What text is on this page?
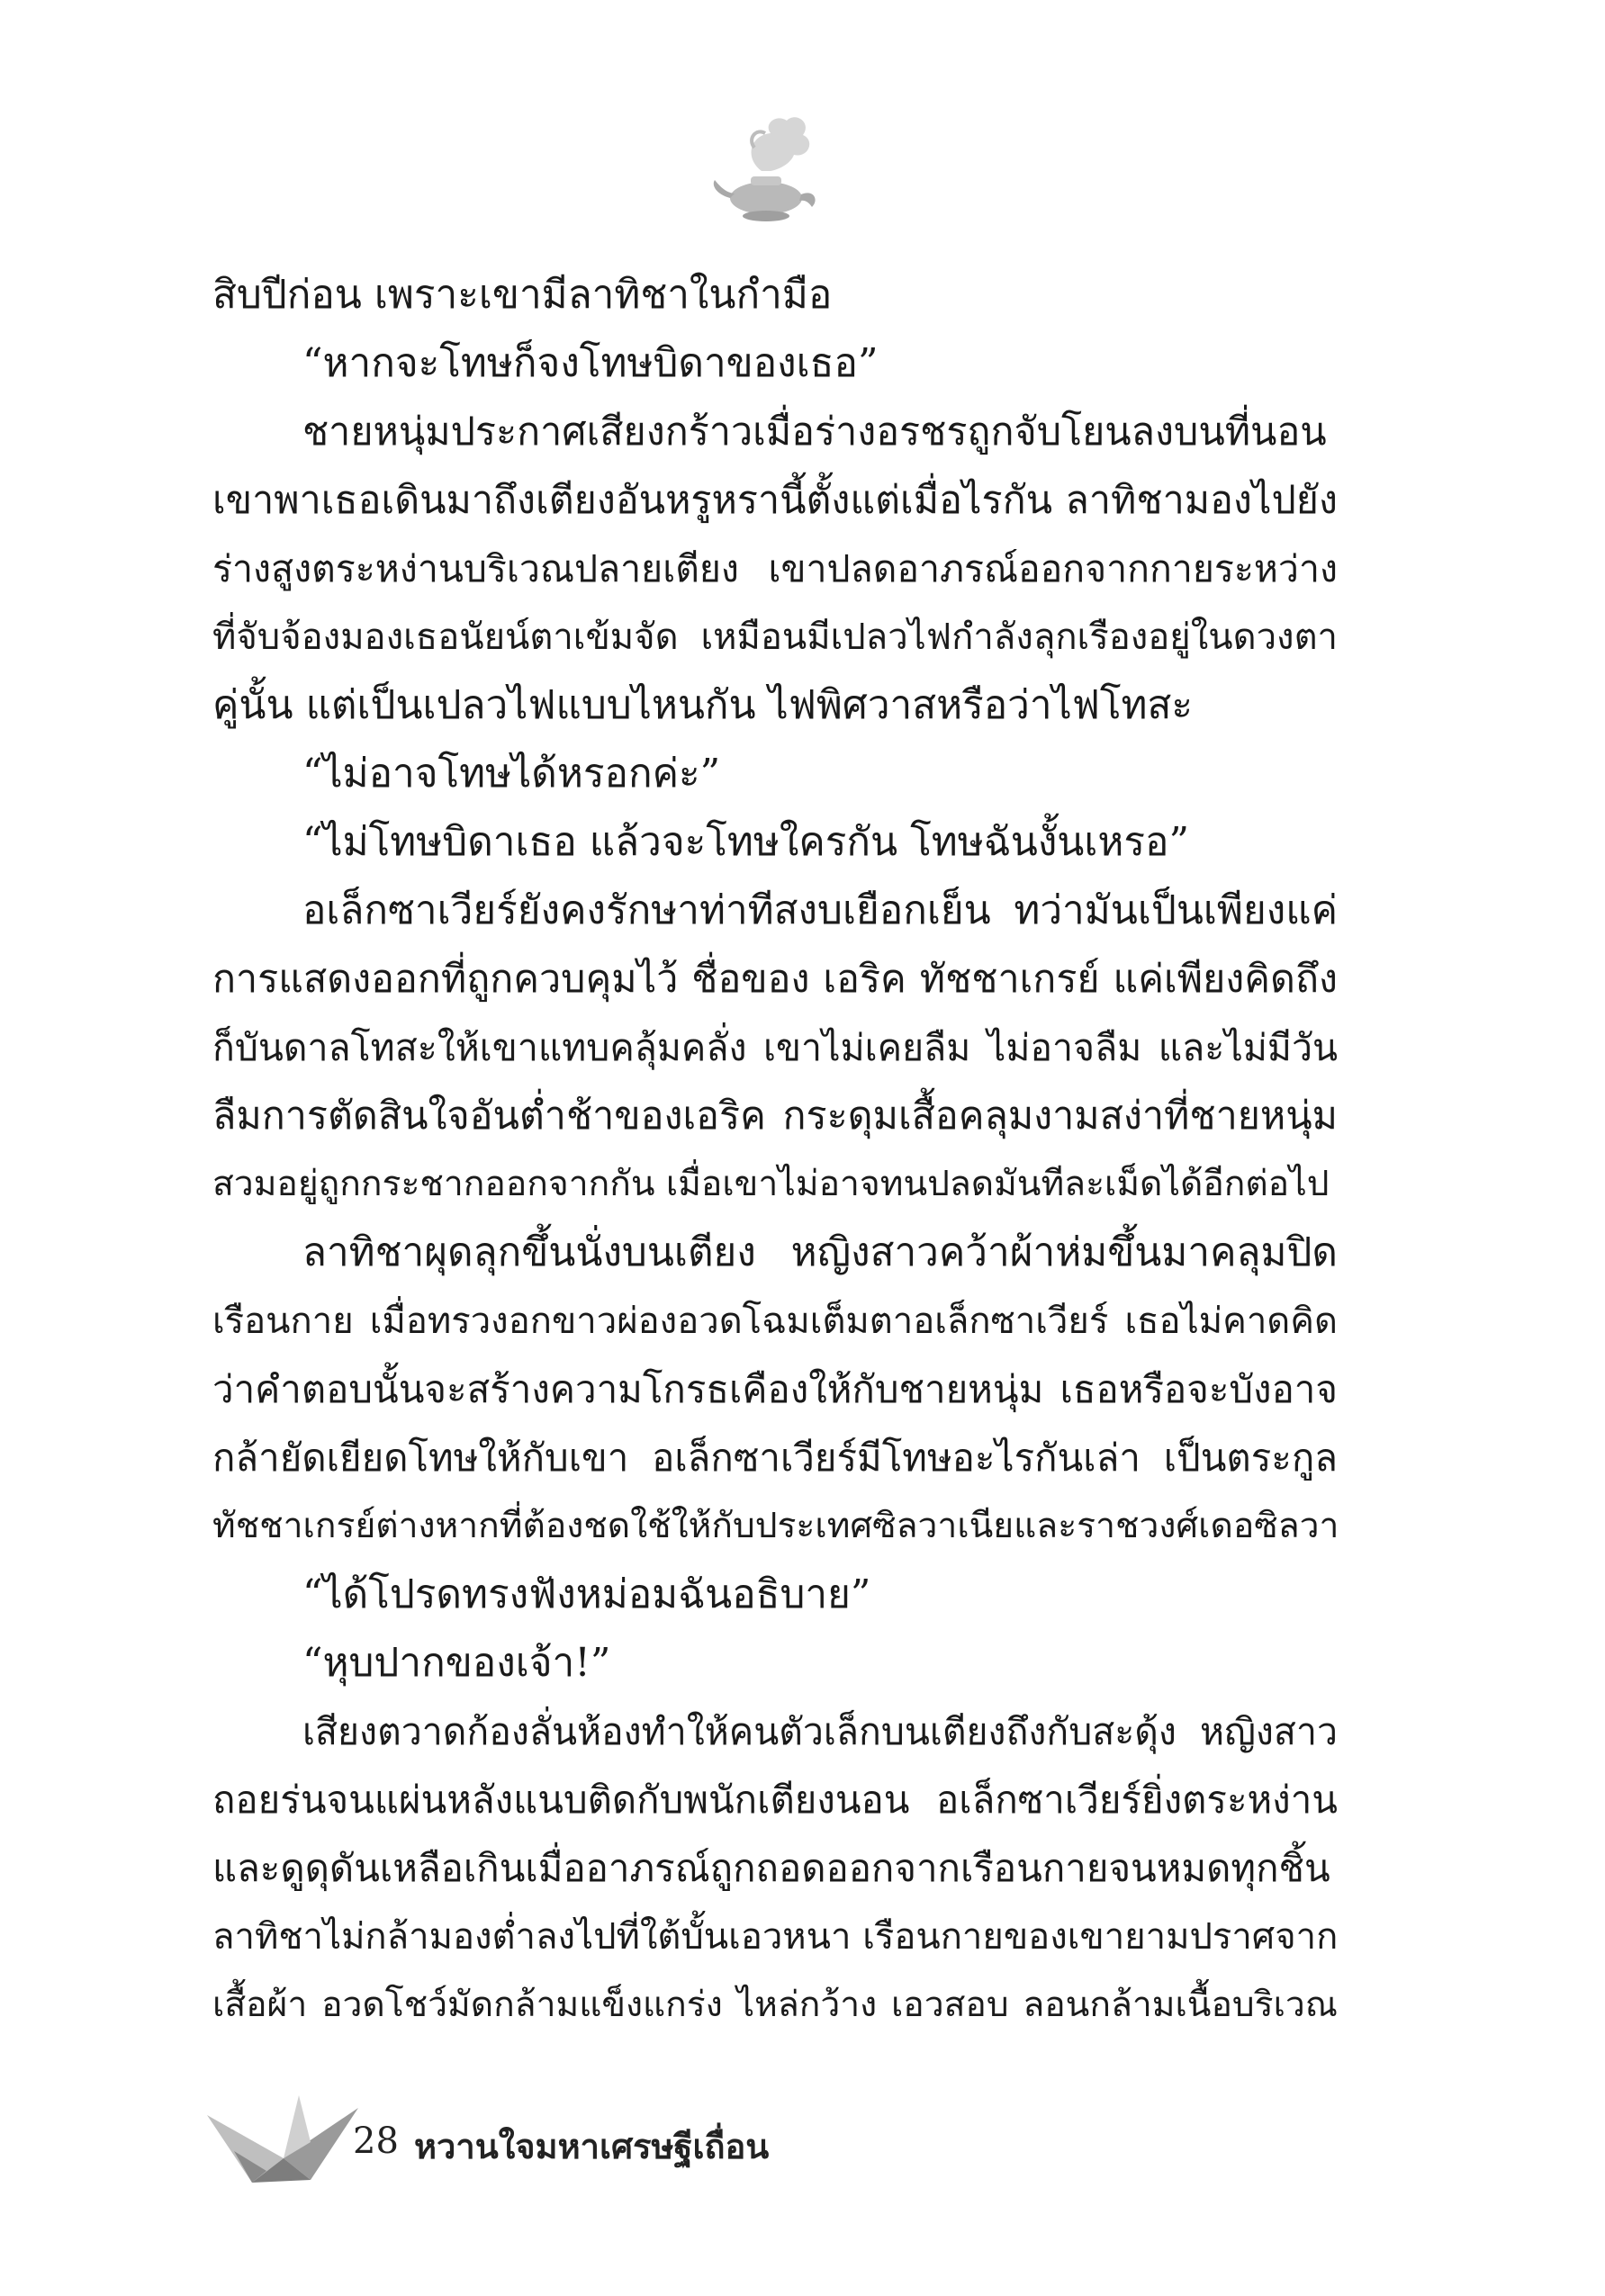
สิบปีก่อน เพราะเขามีลาทิชาในกำมือ
“หากจะโทษก็จงโทษบิดาของเธอ”
ชายหนุ่มประกาศเสียงกร้าวเมื่อร่างอรชรถูกจับโยนลงบนที่นอน
เขาพาเธอเดินมาถึงเตียงอันหรูหรานี้ตั้งแต่เมื่อไรกัน ลาทิชามองไปยัง
ร่างสูงตระหง่านบริเวณปลายเตียง เขาปลดอาภรณ์ออกจากกายระหว่าง
ที่จับจ้องมองเธอนัยน์ตาเข้มจัด เหมือนมีเปลวไฟกำลังลุกเรืองอยู่ในดวงตา
คู่นั้น แต่เป็นเปลวไฟแบบไหนกัน ไฟพิศวาสหรือว่าไฟโทสะ
“ไม่อาจโทษได้หรอกค่ะ”
“ไม่โทษบิดาเธอ แล้วจะโทษใครกัน โทษฉันงั้นเหรอ”
อเล็กซาเวียร์ยังคงรักษาท่าทีสงบเยือกเย็น ทว่ามันเป็นเพียงแค่
การแสดงออกที่ถูกควบคุมไว้ ชื่อของ เอริค ทัชชาเกรย์ แค่เพียงคิดถึง
ก็บันดาลโทสะให้เขาแทบคลุ้มคลั่ง เขาไม่เคยลืม ไม่อาจลืม และไม่มีวัน
ลืมการตัดสินใจอันต่ำช้าของเอริค กระดุมเสื้อคลุมงามสง่าที่ชายหนุ่ม
สวมอยู่ถูกกระชากออกจากกัน เมื่อเขาไม่อาจทนปลดมันทีละเม็ดได้อีกต่อไป
ลาทิชาผุดลุกขึ้นนั่งบนเตียง หญิงสาวคว้าผ้าห่มขึ้นมาคลุมปิด
เรือนกาย เมื่อทรวงอกขาวผ่องอวดโฉมเต็มตาอเล็กซาเวียร์ เธอไม่คาดคิด
ว่าคำตอบนั้นจะสร้างความโกรธเคืองให้กับชายหนุ่ม เธอหรือจะบังอาจ
กล้ายัดเยียดโทษให้กับเขา อเล็กซาเวียร์มีโทษอะไรกันเล่า เป็นตระกูล
ทัชชาเกรย์ต่างหากที่ต้องชดใช้ให้กับประเทศซิลวาเนียและราชวงศ์เดอซิลวา
“ได้โปรดทรงฟังหม่อมฉันอธิบาย”
“หุบปากของเจ้า!”
เสียงตวาดก้องลั่นห้องทำให้คนตัวเล็กบนเตียงถึงกับสะดุ้ง หญิงสาว
ถอยร่นจนแผ่นหลังแนบติดกับพนักเตียงนอน อเล็กซาเวียร์ยิ่งตระหง่าน
และดูดุดันเหลือเกินเมื่ออาภรณ์ถูกถอดออกจากเรือนกายจนหมดทุกชิ้น
ลาทิชาไม่กล้ามองต่ำลงไปที่ใต้บั้นเอวหนา เรือนกายของเขายามปราศจาก
เสื้อผ้า อวดโชว์มัดกล้ามแข็งแกร่ง ไหล่กว้าง เอวสอบ ลอนกล้ามเนื้อบริเวณ
28 หวานใจมหาเศรษฐีเถื่อน
